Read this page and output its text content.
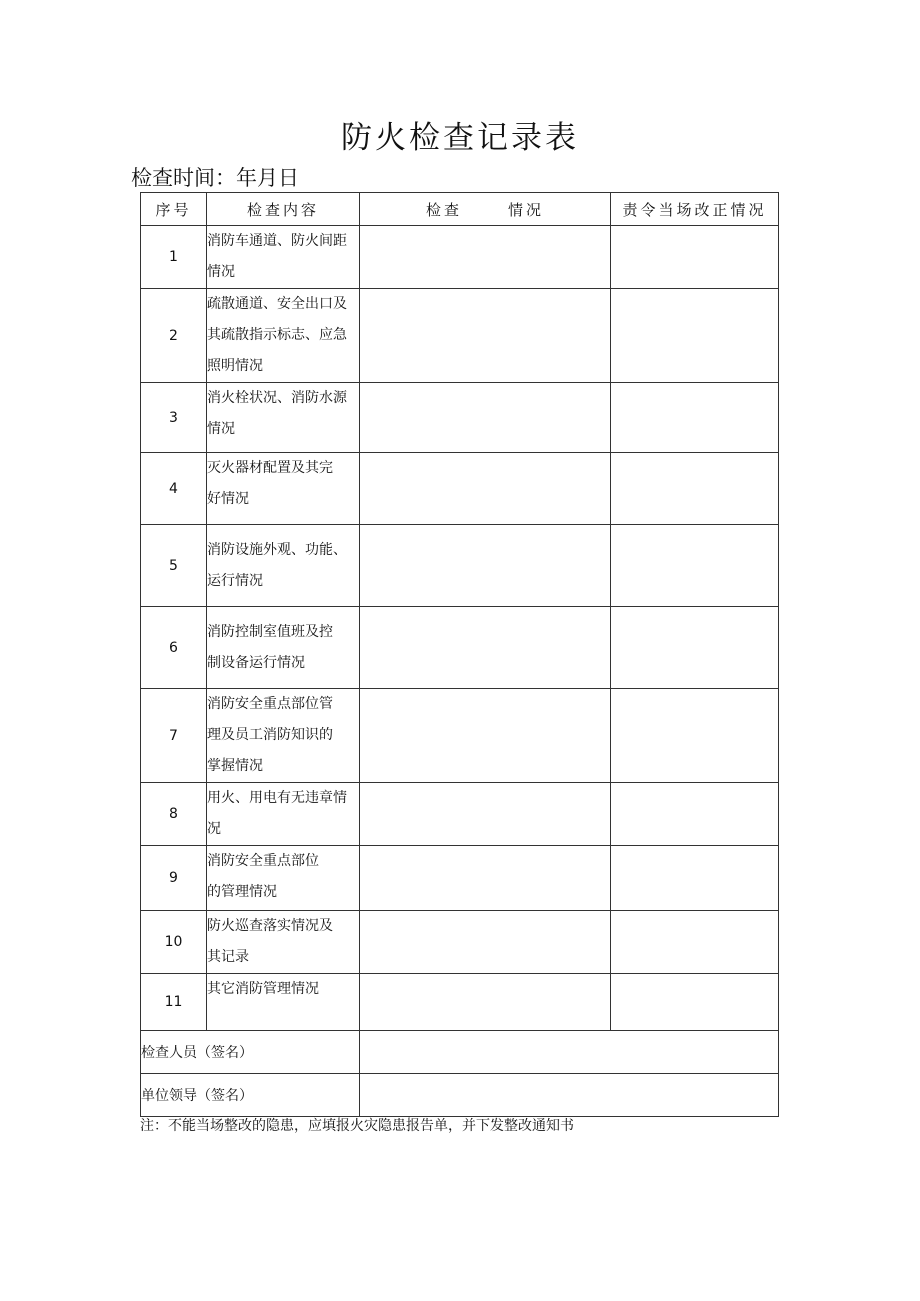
防火检查记录表
检查时间：年月日
序号	检查内容	检查 情况	责令当场改正情况
1	消防车通道、防火间距
情况		
2	疏散通道、安全出口及
其疏散指示标志、应急
照明情况		
3	消火栓状况、消防水源
情况		
4	灭火器材配置及其完
好情况		
5	消防设施外观、功能、
运行情况		
6	消防控制室值班及控
制设备运行情况		
7	消防安全重点部位管
理及员工消防知识的
掌握情况		
8	用火、用电有无违章情
况		
9	消防安全重点部位
的管理情况		
10	防火巡查落实情况及
其记录		
11	其它消防管理情况		
检查人员（签名）			
单位领导（签名）			
注：不能当场整改的隐患，应填报火灾隐患报告单，并下发整改通知书
